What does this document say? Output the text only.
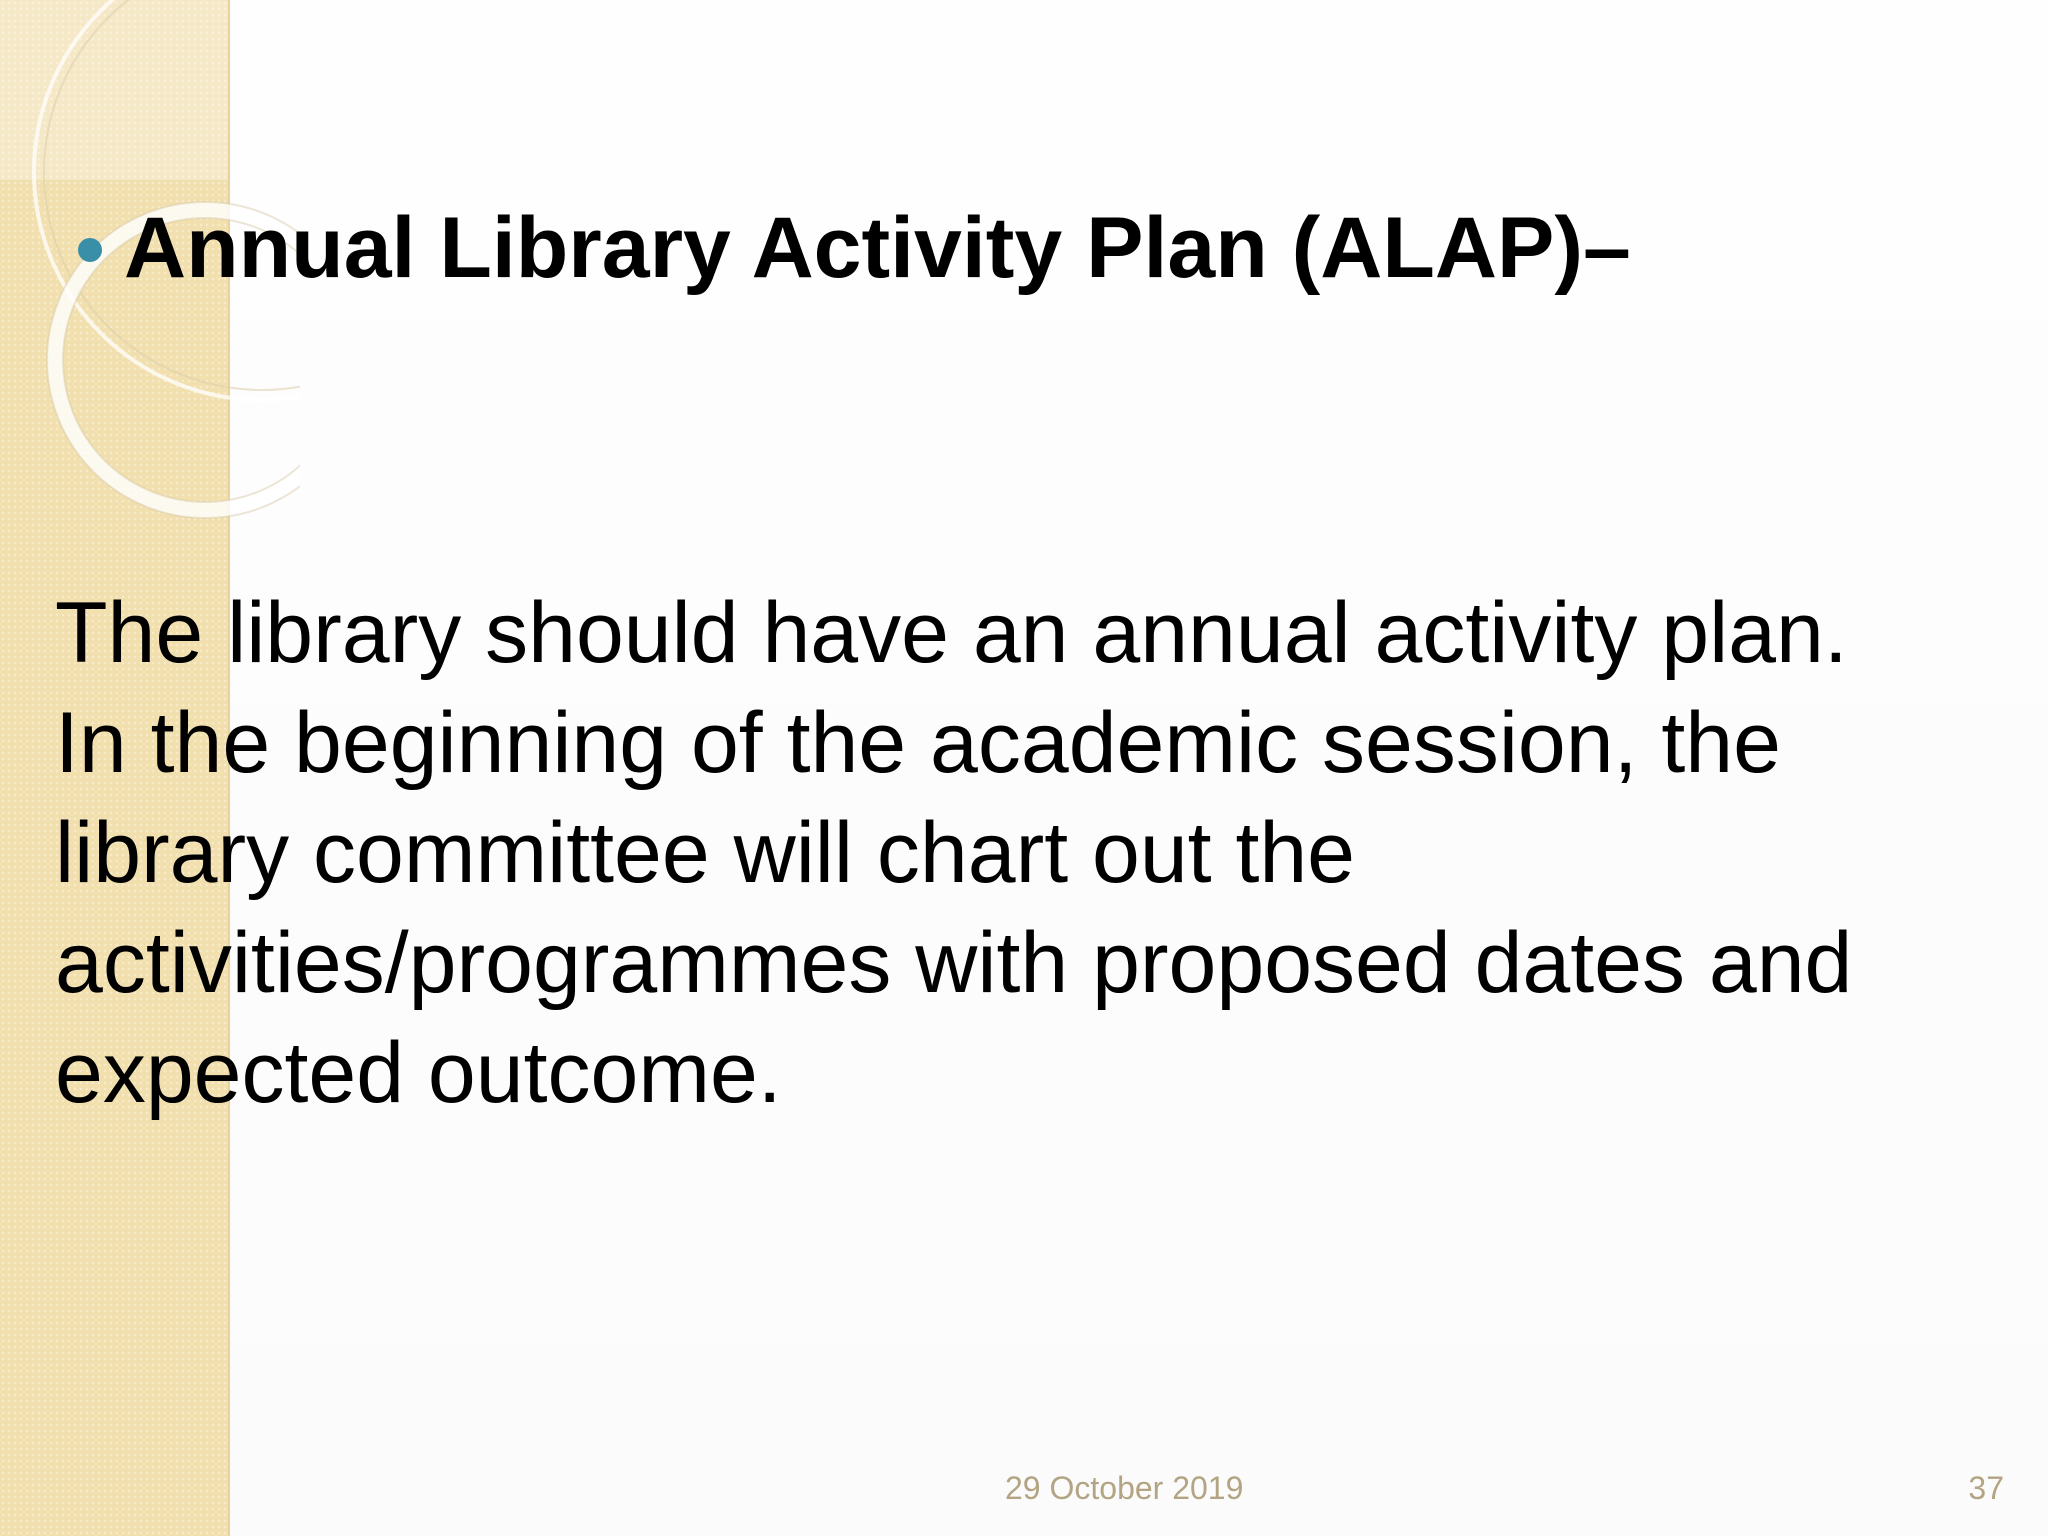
Annual Library Activity Plan (ALAP)–
The library should have an annual activity plan.
In the beginning of the academic session, the
library committee will chart out the
activities/programmes with proposed dates and
expected outcome.
29 October 2019	37
